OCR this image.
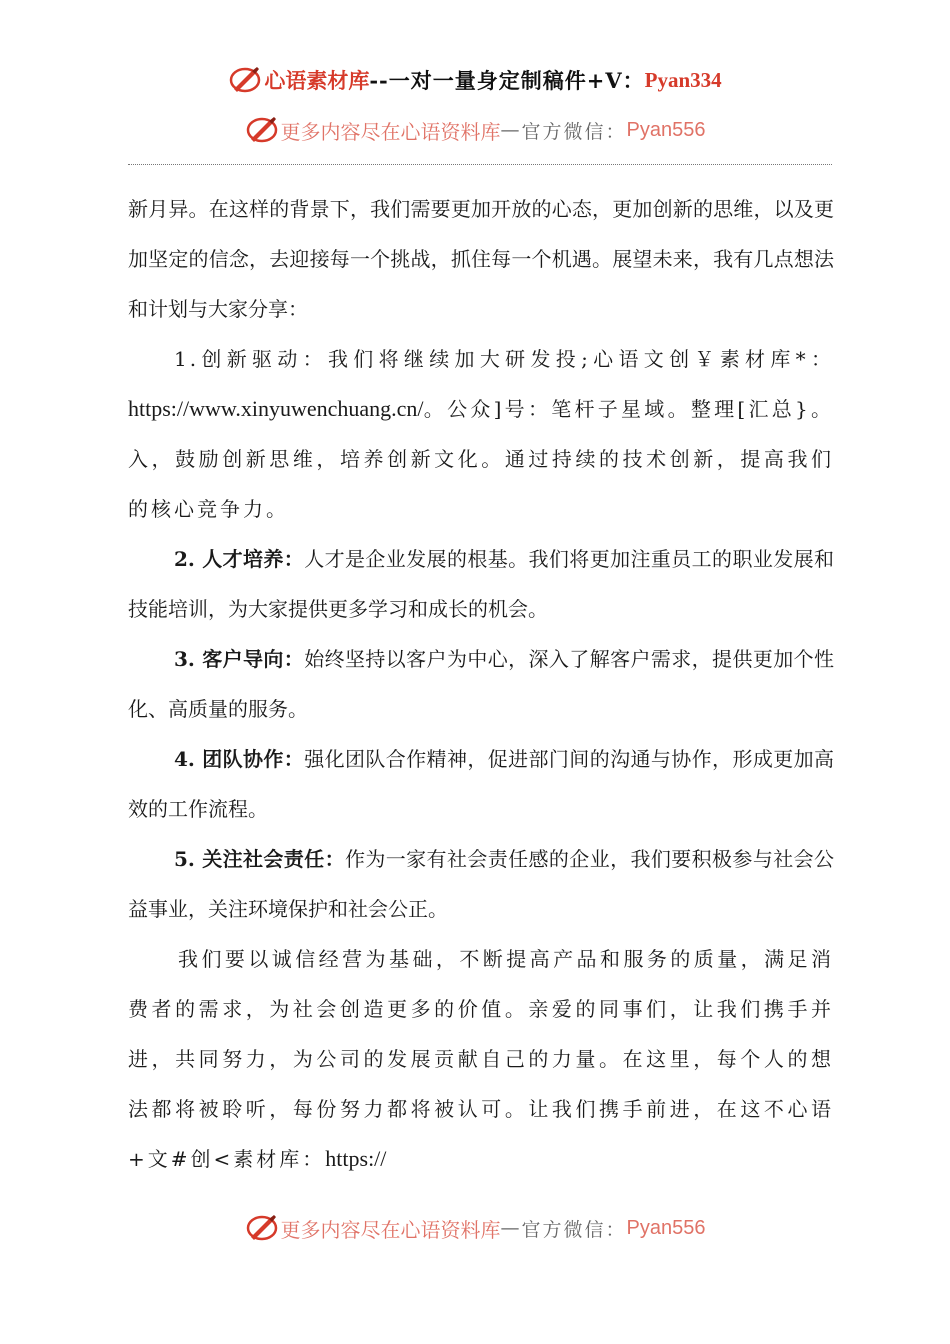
心语素材库 -- 一对一量身定制稿件+V： Pyan334
更多内容尽在心语资料库 — 官方微信： Pyan556

新月异。在这样的背景下，我们需要更加开放的心态，更加创新的思维，以及更加坚定的信念，去迎接每一个挑战，抓住每一个机遇。展望未来，我有几点想法和计划与大家分享：

1.创新驱动：我们将继续加大研发投;心语文创￥素材库*：https://www.xinyuwenchuang.cn/。公众]号：笔杆子星域。整理[汇总}。入，鼓励创新思维，培养创新文化。通过持续的技术创新，提高我们的核心竞争力。

2. 人才培养：人才是企业发展的根基。我们将更加注重员工的职业发展和技能培训，为大家提供更多学习和成长的机会。

3. 客户导向：始终坚持以客户为中心，深入了解客户需求，提供更加个性化、高质量的服务。

4. 团队协作：强化团队合作精神，促进部门间的沟通与协作，形成更加高效的工作流程。

5. 关注社会责任：作为一家有社会责任感的企业，我们要积极参与社会公益事业，关注环境保护和社会公正。

我们要以诚信经营为基础，不断提高产品和服务的质量，满足消费者的需求，为社会创造更多的价值。亲爱的同事们，让我们携手并进，共同努力，为公司的发展贡献自己的力量。在这里，每个人的想法都将被聆听，每份努力都将被认可。让我们携手前进，在这不心语+文#创<素材库：https://

更多内容尽在心语资料库 — 官方微信： Pyan556
